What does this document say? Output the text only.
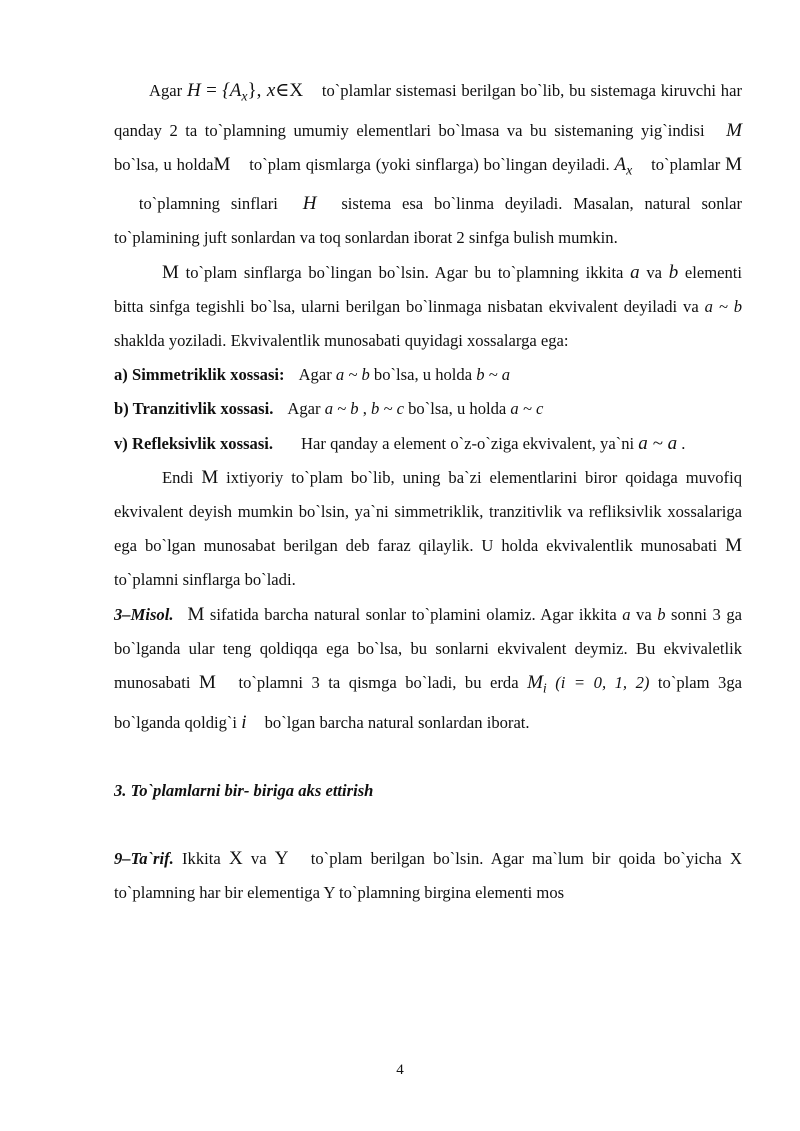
Agar $H = \{A_x\}$, x∈X to`plamlar sistemasi berilgan bo`lib, bu sistemaga kiruvchi har qanday 2 ta to`plamning umumiy elementlari bo`lmasa va bu sistemaning yig`indisi M bo`lsa, u holdaM to`plam qismlarga (yoki sinflarga) bo`lingan deyiladi. $A_x$ to`plamlar M to`plamning sinflari H sistema esa bo`linma deyiladi. Masalan, natural sonlar to`plamining juft sonlardan va toq sonlardan iborat 2 sinfga bulish mumkin.

M to`plam sinflarga bo`lingan bo`lsin. Agar bu to`plamning ikkita a va b elementi bitta sinfga tegishli bo`lsa, ularni berilgan bo`linmaga nisbatan ekvivalent deyiladi va a ~ b shaklda yoziladi. Ekvivalentlik munosabati quyidagi xossalarga ega:

a) Simmetriklik xossasi: Agar a ~ b bo`lsa, u holda b ~ a

b) Tranzitivlik xossasi. Agar a ~ b , b ~ c bo`lsa, u holda a ~ c

v) Refleksivlik xossasi. Har qanday a element o`z-o`ziga ekvivalent, ya`ni a ~ a .

Endi M ixtiyoriy to`plam bo`lib, uning ba`zi elementlarini biror qoidaga muvofiq ekvivalent deyish mumkin bo`lsin, ya`ni simmetriklik, tranzitivlik va refliksivlik xossalariga ega bo`lgan munosabat berilgan deb faraz qilaylik. U holda ekvivalentlik munosabati M to`plamni sinflarga bo`ladi.

3–Misol. M sifatida barcha natural sonlar to`plamini olamiz. Agar ikkita a va b sonni 3 ga bo`lganda ular teng qoldiqqa ega bo`lsa, bu sonlarni ekvivalent deymiz. Bu ekvivaletlik munosabati M to`plamni 3 ta qismga bo`ladi, bu erda $M_i$ (i = 0, 1, 2) to`plam 3ga bo`lganda qoldig`i i bo`lgan barcha natural sonlardan iborat.

3. To`plamlarni bir- biriga aks ettirish

9–Ta`rif. Ikkita X va Y to`plam berilgan bo`lsin. Agar ma`lum bir qoida bo`yicha X to`plamning har bir elementiga Y to`plamning birgina elementi mos

4
